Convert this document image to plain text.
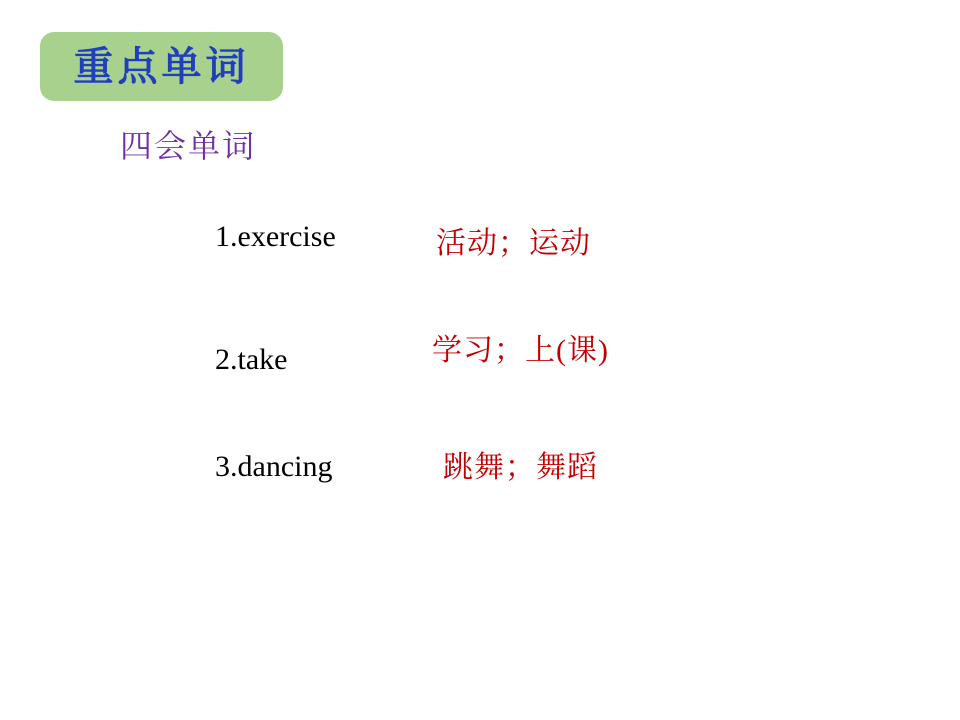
重点单词
四会单词
1.exercise	活动；运动
2.take	学习；上(课)
3.dancing	跳舞；舞蹈
